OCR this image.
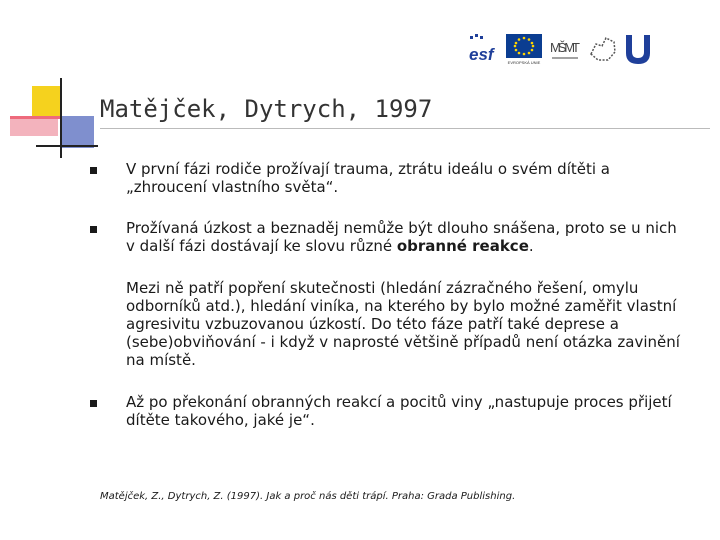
esf	EVROPSKÁ UNIE
MŠ MT
Matějček, Dytrych, 1997
V první fázi rodiče prožívají trauma, ztrátu ideálu o svém dítěti a „zhroucení vlastního světa“.
Prožívaná úzkost a beznaděj nemůže být dlouho snášena, proto se u nich v další fázi dostávají ke slovu různé obranné reakce.
Mezi ně patří popření skutečnosti (hledání zázračného řešení, omylu odborníků atd.), hledání viníka, na kterého by bylo možné zaměřit vlastní agresivitu vzbuzovanou úzkostí. Do této fáze patří také deprese a (sebe)obviňování - i když v naprosté většině případů není otázka zavinění na místě.
Až po překonání obranných reakcí a pocitů viny „nastupuje proces přijetí dítěte takového, jaké je“.
Matějček, Z., Dytrych, Z. (1997). Jak a proč nás děti trápí. Praha: Grada Publishing.
